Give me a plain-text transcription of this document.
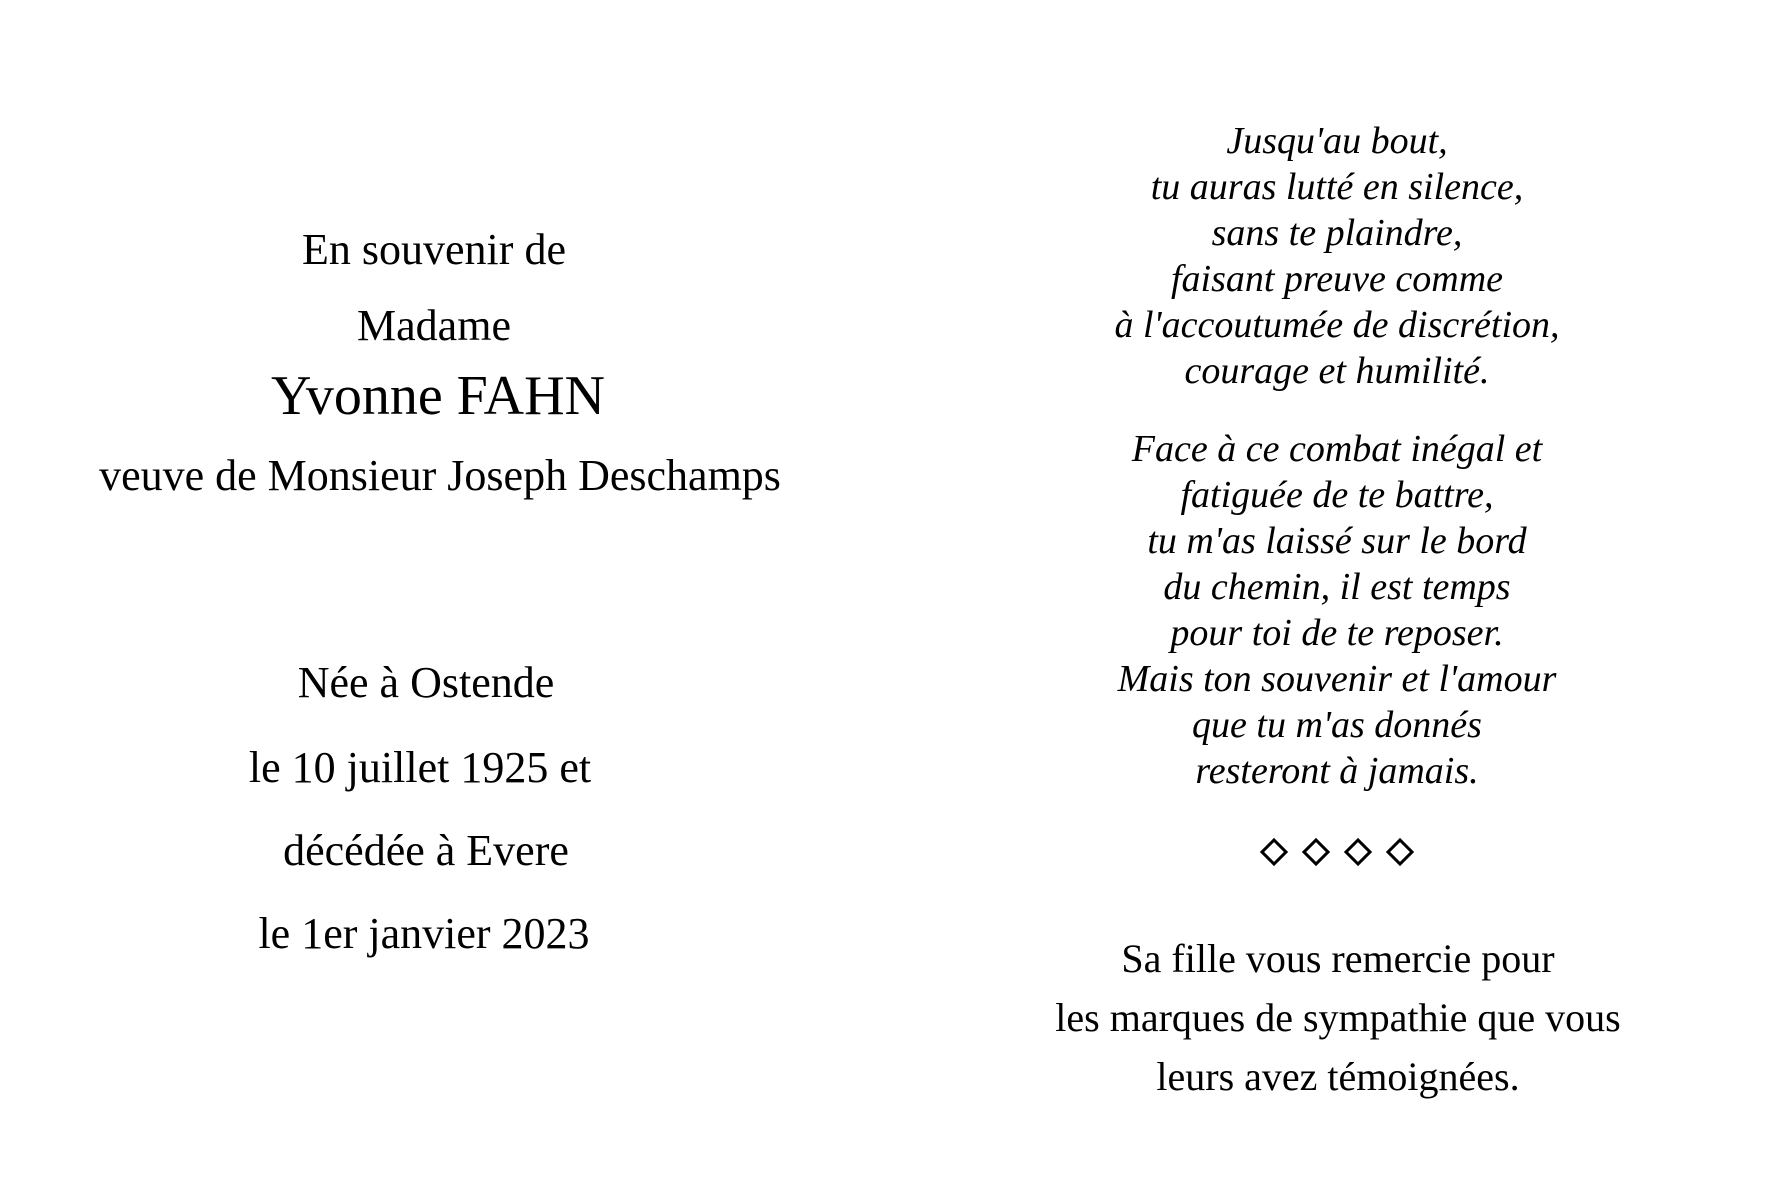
En souvenir de
Madame
Yvonne FAHN
veuve de Monsieur Joseph Deschamps
Née à Ostende
le 10 juillet 1925 et
décédée à Evere
le 1er janvier 2023
Jusqu'au bout,
tu auras lutté en silence,
sans te plaindre,
faisant preuve comme
à l'accoutumée de discrétion,
courage et humilité.
Face à ce combat inégal et
fatiguée de te battre,
tu m'as laissé sur le bord
du chemin, il est temps
pour toi de te reposer.
Mais ton souvenir et l'amour
que tu m'as donnés
resteront à jamais.
Sa fille vous remercie pour
les marques de sympathie que vous
leurs avez témoignées.
